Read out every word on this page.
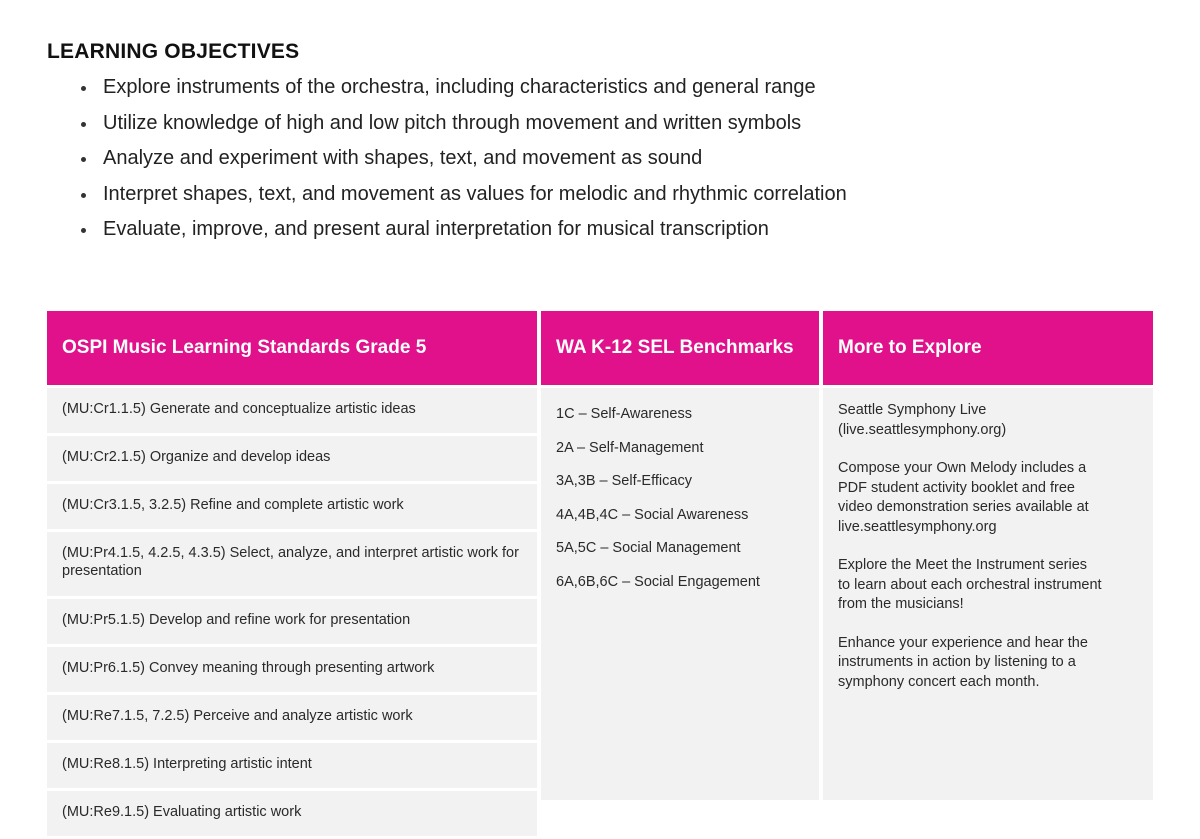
LEARNING OBJECTIVES
Explore instruments of the orchestra, including characteristics and general range
Utilize knowledge of high and low pitch through movement and written symbols
Analyze and experiment with shapes, text, and movement as sound
Interpret shapes, text, and movement as values for melodic and rhythmic correlation
Evaluate, improve, and present aural interpretation for musical transcription
OSPI Music Learning Standards Grade 5
(MU:Cr1.1.5) Generate and conceptualize artistic ideas
(MU:Cr2.1.5) Organize and develop ideas
(MU:Cr3.1.5, 3.2.5) Refine and complete artistic work
(MU:Pr4.1.5, 4.2.5, 4.3.5) Select, analyze, and interpret artistic work for presentation
(MU:Pr5.1.5) Develop and refine work for presentation
(MU:Pr6.1.5) Convey meaning through presenting artwork
(MU:Re7.1.5, 7.2.5) Perceive and analyze artistic work
(MU:Re8.1.5) Interpreting artistic intent
(MU:Re9.1.5) Evaluating artistic work
WA K-12 SEL Benchmarks
1C – Self-Awareness
2A – Self-Management
3A,3B – Self-Efficacy
4A,4B,4C – Social Awareness
5A,5C – Social Management
6A,6B,6C – Social Engagement
More to Explore

Seattle Symphony Live
(live.seattlesymphony.org)

Compose your Own Melody includes a
PDF student activity booklet and free
video demonstration series available at
live.seattlesymphony.org

Explore the Meet the Instrument series
to learn about each orchestral instrument
from the musicians!

Enhance your experience and hear the
instruments in action by listening to a
symphony concert each month.
